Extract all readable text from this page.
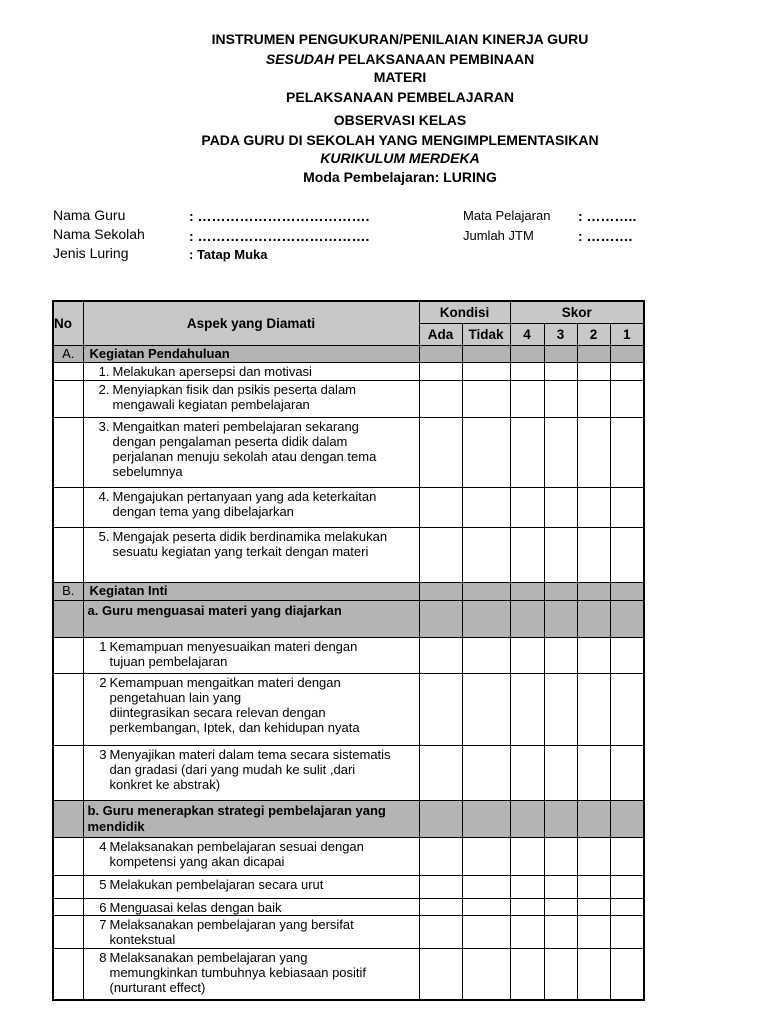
INSTRUMEN PENGUKURAN/PENILAIAN KINERJA GURU
SESUDAH PELAKSANAAN PEMBINAAN
MATERI
PELAKSANAAN PEMBELAJARAN
OBSERVASI KELAS
PADA GURU DI SEKOLAH YANG MENGIMPLEMENTASIKAN
KURIKULUM MERDEKA
Moda Pembelajaran: LURING
Nama Guru	: ……………………………….
Nama Sekolah	: ……………………………….
Jenis Luring	: Tatap Muka
Mata Pelajaran : ………..
Jumlah JTM	: ……….
No	Aspek yang Diamati	Kondisi		Skor			
		Ada	Tidak	4	3	2	1
A.	Kegiatan Pendahuluan						

	1. Melakukan apersepsi dan motivasi						

	2. Menyiapkan fisik dan psikis peserta dalam
mengawali kegiatan pembelajaran						

	3. Mengaitkan materi pembelajaran sekarang
dengan pengalaman peserta didik dalam
perjalanan menuju sekolah atau dengan tema
sebelumnya						

	4. Mengajukan pertanyaan yang ada keterkaitan
dengan tema yang dibelajarkan						

	5. Mengajak peserta didik berdinamika melakukan
sesuatu kegiatan yang terkait dengan materi						

B.	Kegiatan Inti						

	a. Guru menguasai materi yang diajarkan						

	1 Kemampuan menyesuaikan materi dengan
tujuan pembelajaran						

	2 Kemampuan mengaitkan materi dengan
pengetahuan lain yang
diintegrasikan secara relevan dengan
perkembangan, Iptek, dan kehidupan nyata						

	3 Menyajikan materi dalam tema secara sistematis
dan gradasi (dari yang mudah ke sulit ,dari
konkret ke abstrak)						

	b. Guru menerapkan strategi pembelajaran yang
mendidik						

	4 Melaksanakan pembelajaran sesuai dengan
kompetensi yang akan dicapai						

	5 Melakukan pembelajaran secara urut						

	6 Menguasai kelas dengan baik						

	7 Melaksanakan pembelajaran yang bersifat
kontekstual						

	8 Melaksanakan pembelajaran yang
memungkinkan tumbuhnya kebiasaan positif
(nurturant effect)						
